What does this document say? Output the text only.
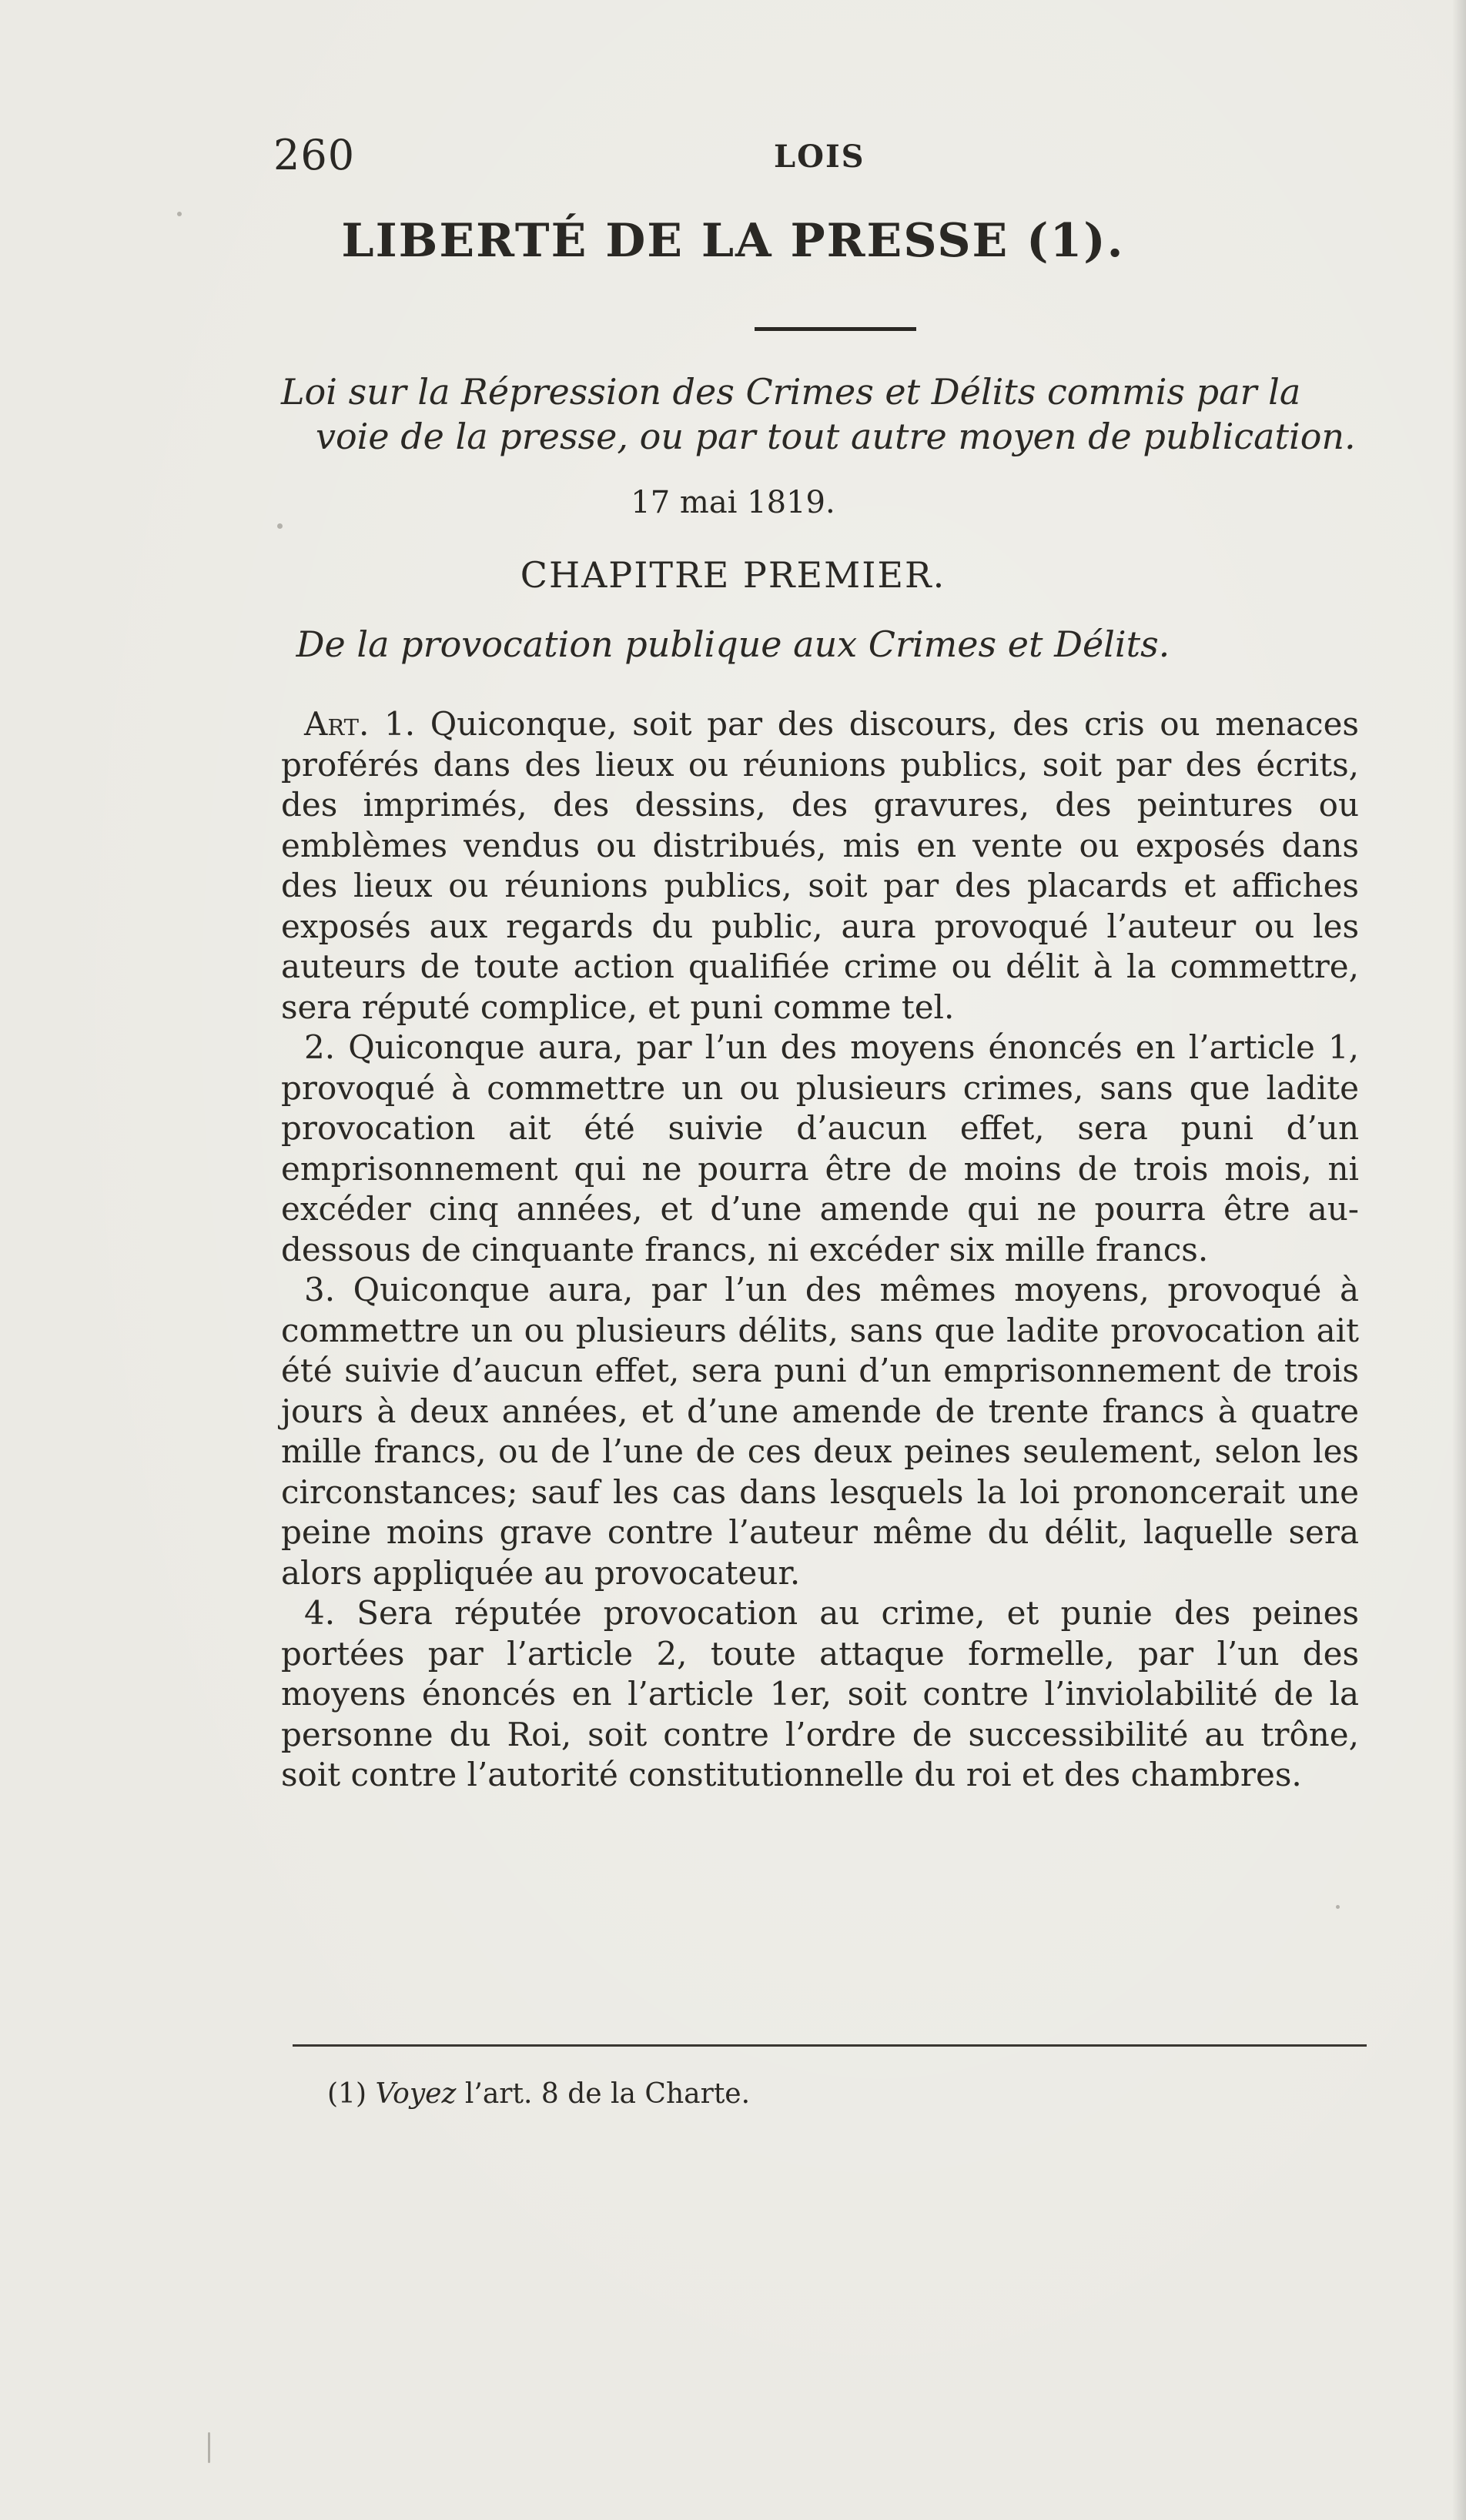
260	LOIS
LIBERTÉ DE LA PRESSE (1).
Loi sur la Répression des Crimes et Délits commis par la
voie de la presse, ou par tout autre moyen de publication.
17 mai 1819.
CHAPITRE PREMIER.
De la provocation publique aux Crimes et Délits.

Art. 1. Quiconque, soit par des discours, des cris ou menaces proférés dans des lieux ou réunions publics, soit par des écrits, des imprimés, des dessins, des gravures, des peintures ou emblèmes vendus ou distribués, mis en vente ou exposés dans des lieux ou réunions publics, soit par des placards et affiches exposés aux regards du public, aura provoqué l’auteur ou les auteurs de toute action qualifiée crime ou délit à la commettre, sera réputé complice, et puni comme tel.

2. Quiconque aura, par l’un des moyens énoncés en l’article 1, provoqué à commettre un ou plusieurs crimes, sans que ladite provocation ait été suivie d’aucun effet, sera puni d’un emprisonnement qui ne pourra être de moins de trois mois, ni excéder cinq années, et d’une amende qui ne pourra être au-dessous de cinquante francs, ni excéder six mille francs.

3. Quiconque aura, par l’un des mêmes moyens, provoqué à commettre un ou plusieurs délits, sans que ladite provocation ait été suivie d’aucun effet, sera puni d’un emprisonnement de trois jours à deux années, et d’une amende de trente francs à quatre mille francs, ou de l’une de ces deux peines seulement, selon les circonstances; sauf les cas dans lesquels la loi prononcerait une peine moins grave contre l’auteur même du délit, laquelle sera alors appliquée au provocateur.

4. Sera réputée provocation au crime, et punie des peines portées par l’article 2, toute attaque formelle, par l’un des moyens énoncés en l’article 1er, soit contre l’inviolabilité de la personne du Roi, soit contre l’ordre de successibilité au trône, soit contre l’autorité constitutionnelle du roi et des chambres.

(1) Voyez l’art. 8 de la Charte.
